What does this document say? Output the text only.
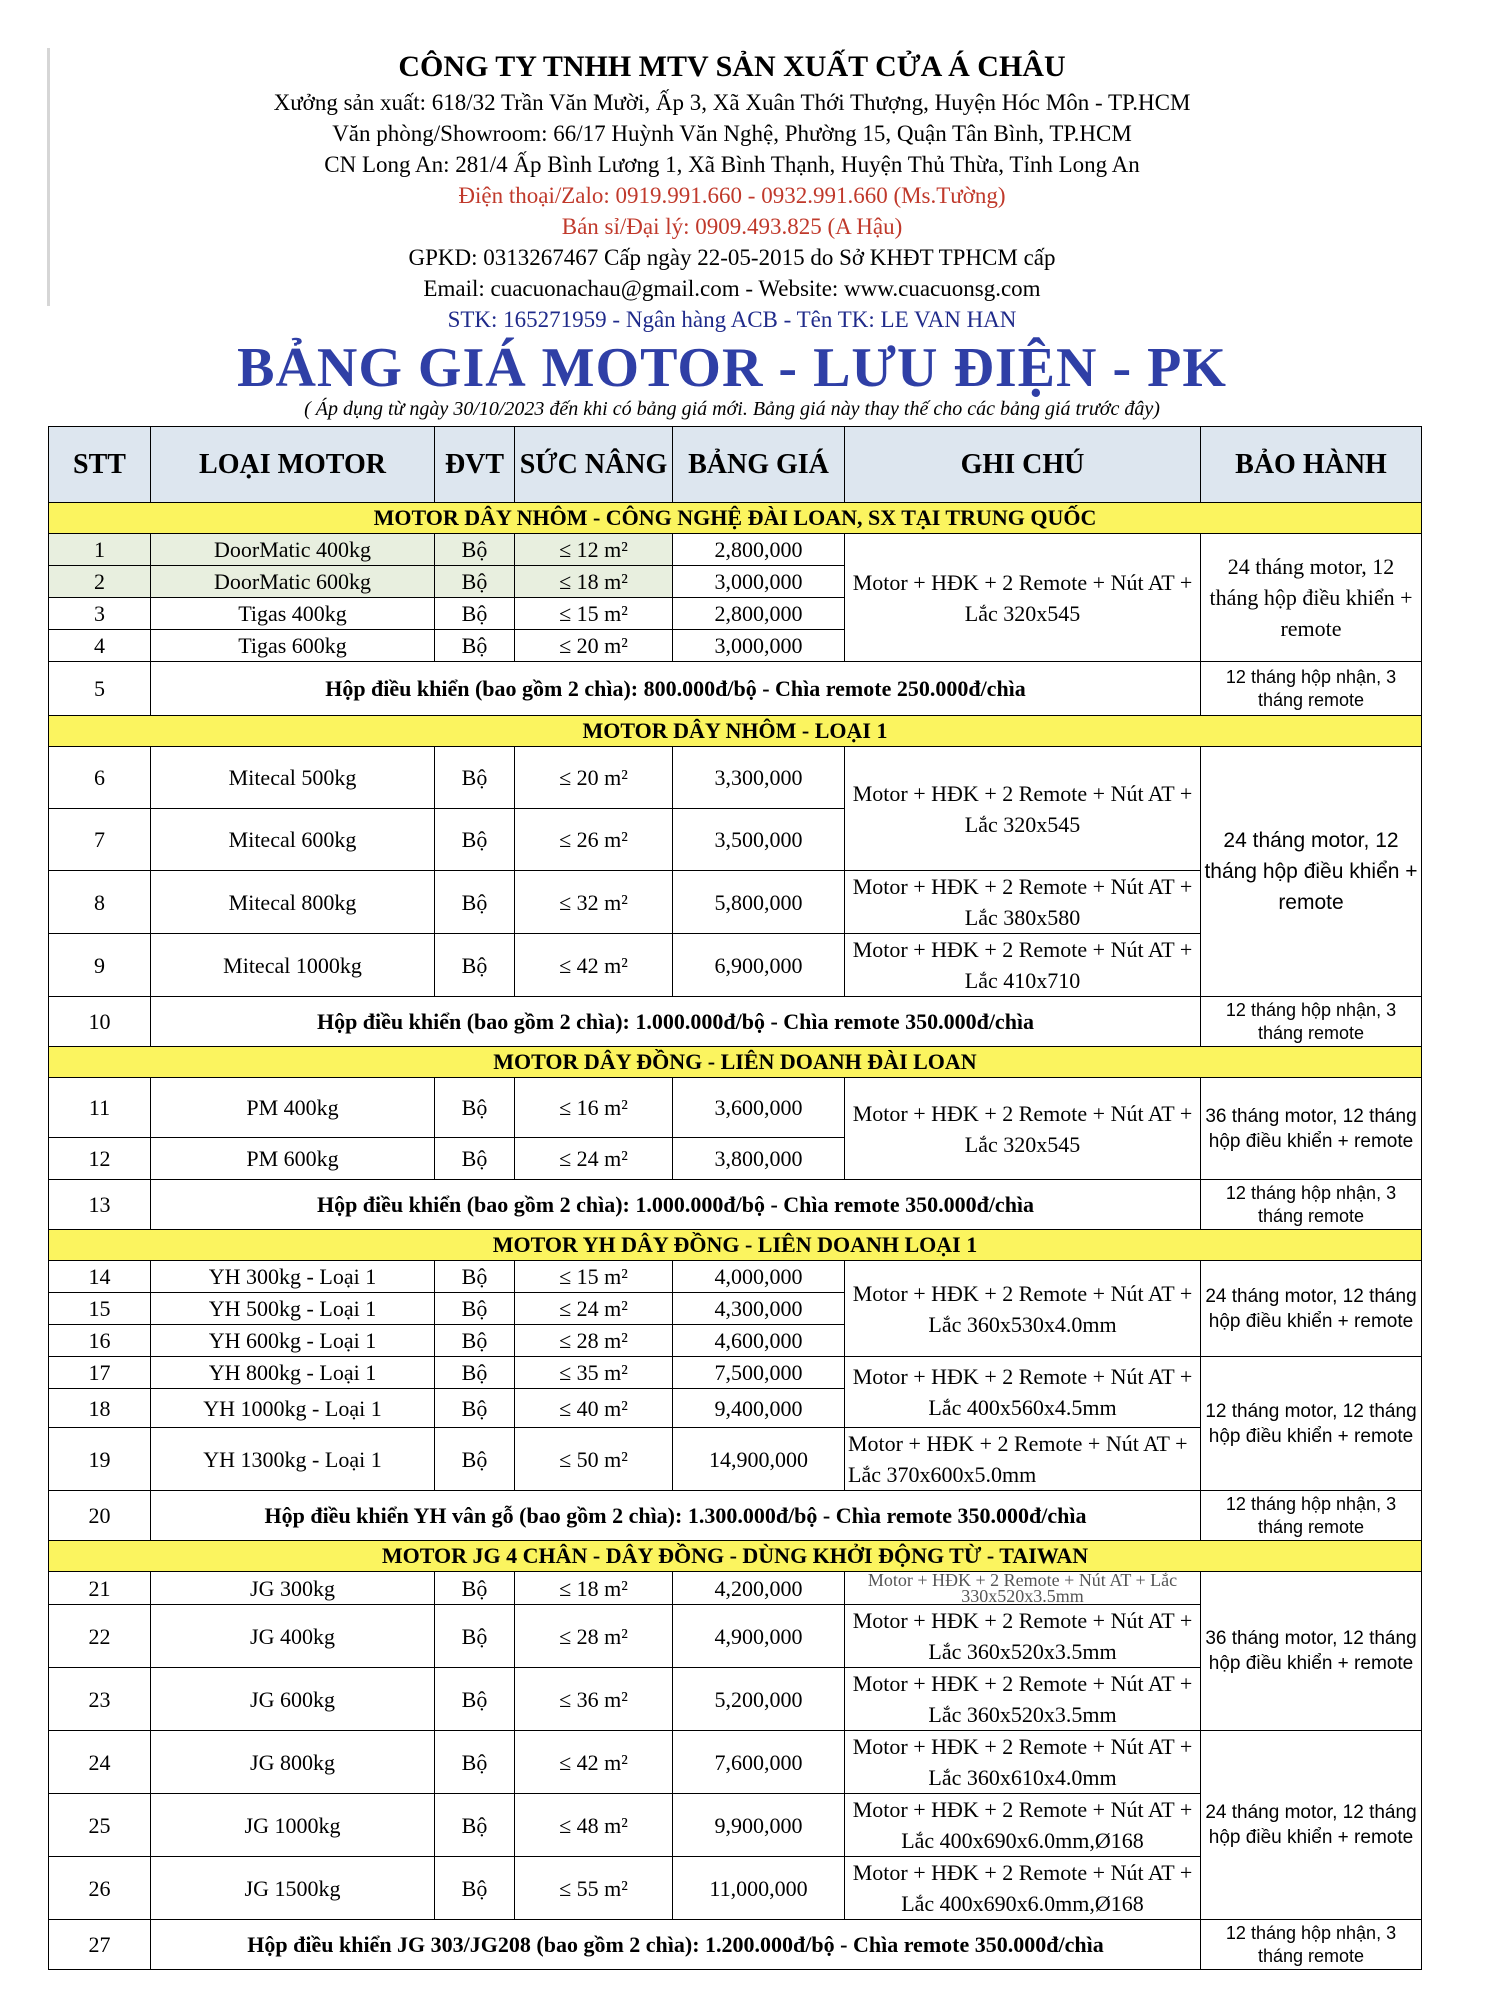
CÔNG TY TNHH MTV SẢN XUẤT CỬA Á CHÂU
Xưởng sản xuất: 618/32 Trần Văn Mười, Ấp 3, Xã Xuân Thới Thượng, Huyện Hóc Môn - TP.HCM
Văn phòng/Showroom: 66/17 Huỳnh Văn Nghệ, Phường 15, Quận Tân Bình, TP.HCM
CN Long An: 281/4 Ấp Bình Lương 1, Xã Bình Thạnh, Huyện Thủ Thừa, Tỉnh Long An
Điện thoại/Zalo: 0919.991.660 - 0932.991.660 (Ms.Tường)
Bán sỉ/Đại lý: 0909.493.825 (A Hậu)
GPKD: 0313267467 Cấp ngày 22-05-2015 do Sở KHĐT TPHCM cấp
Email: cuacuonachau@gmail.com - Website: www.cuacuonsg.com
STK: 165271959 - Ngân hàng ACB - Tên TK: LE VAN HAN
BẢNG GIÁ MOTOR - LƯU ĐIỆN - PK
( Áp dụng từ ngày 30/10/2023 đến khi có bảng giá mới. Bảng giá này thay thế cho các bảng giá trước đây)
STT	LOẠI MOTOR	ĐVT	SỨC NÂNG	BẢNG GIÁ	GHI CHÚ	BẢO HÀNH
MOTOR DÂY NHÔM - CÔNG NGHỆ ĐÀI LOAN, SX TẠI TRUNG QUỐC						
1	DoorMatic 400kg	Bộ	≤ 12 m²	2,800,000	Motor + HĐK + 2 Remote + Nút AT + Lắc 320x545	24 tháng motor, 12 tháng hộp điều khiển + remote
2	DoorMatic 600kg	Bộ	≤ 18 m²	3,000,000		
3	Tigas 400kg	Bộ	≤ 15 m²	2,800,000		
4	Tigas 600kg	Bộ	≤ 20 m²	3,000,000		
5	Hộp điều khiển (bao gồm 2 chìa): 800.000đ/bộ - Chìa remote 250.000đ/chìa					12 tháng hộp nhận, 3 tháng remote
MOTOR DÂY NHÔM - LOẠI 1						
6	Mitecal 500kg	Bộ	≤ 20 m²	3,300,000	Motor + HĐK + 2 Remote + Nút AT + Lắc 320x545	24 tháng motor, 12 tháng hộp điều khiển + remote
7	Mitecal 600kg	Bộ	≤ 26 m²	3,500,000		
8	Mitecal 800kg	Bộ	≤ 32 m²	5,800,000	Motor + HĐK + 2 Remote + Nút AT + Lắc 380x580	
9	Mitecal 1000kg	Bộ	≤ 42 m²	6,900,000	Motor + HĐK + 2 Remote + Nút AT + Lắc 410x710	
10	Hộp điều khiển (bao gồm 2 chìa): 1.000.000đ/bộ - Chìa remote 350.000đ/chìa					12 tháng hộp nhận, 3 tháng remote
MOTOR DÂY ĐỒNG - LIÊN DOANH ĐÀI LOAN						
11	PM 400kg	Bộ	≤ 16 m²	3,600,000	Motor + HĐK + 2 Remote + Nút AT + Lắc 320x545	36 tháng motor, 12 tháng hộp điều khiển + remote
12	PM 600kg	Bộ	≤ 24 m²	3,800,000		
13	Hộp điều khiển (bao gồm 2 chìa): 1.000.000đ/bộ - Chìa remote 350.000đ/chìa					12 tháng hộp nhận, 3 tháng remote
MOTOR YH DÂY ĐỒNG - LIÊN DOANH LOẠI 1						
14	YH 300kg - Loại 1	Bộ	≤ 15 m²	4,000,000	Motor + HĐK + 2 Remote + Nút AT + Lắc 360x530x4.0mm	24 tháng motor, 12 tháng hộp điều khiển + remote
15	YH 500kg - Loại 1	Bộ	≤ 24 m²	4,300,000		
16	YH 600kg - Loại 1	Bộ	≤ 28 m²	4,600,000		
17	YH 800kg - Loại 1	Bộ	≤ 35 m²	7,500,000	Motor + HĐK + 2 Remote + Nút AT + Lắc 400x560x4.5mm	12 tháng motor, 12 tháng hộp điều khiển + remote
18	YH 1000kg - Loại 1	Bộ	≤ 40 m²	9,400,000		
19	YH 1300kg - Loại 1	Bộ	≤ 50 m²	14,900,000	Motor + HĐK + 2 Remote + Nút AT + Lắc 370x600x5.0mm	
20	Hộp điều khiển YH vân gỗ (bao gồm 2 chìa): 1.300.000đ/bộ - Chìa remote 350.000đ/chìa					12 tháng hộp nhận, 3 tháng remote
MOTOR JG 4 CHÂN - DÂY ĐỒNG - DÙNG KHỞI ĐỘNG TỪ - TAIWAN						
21	JG 300kg	Bộ	≤ 18 m²	4,200,000	Motor + HĐK + 2 Remote + Nút AT + Lắc 330x520x3.5mm	36 tháng motor, 12 tháng hộp điều khiển + remote
22	JG 400kg	Bộ	≤ 28 m²	4,900,000	Motor + HĐK + 2 Remote + Nút AT + Lắc 360x520x3.5mm	
23	JG 600kg	Bộ	≤ 36 m²	5,200,000	Motor + HĐK + 2 Remote + Nút AT + Lắc 360x520x3.5mm	
24	JG 800kg	Bộ	≤ 42 m²	7,600,000	Motor + HĐK + 2 Remote + Nút AT + Lắc 360x610x4.0mm	24 tháng motor, 12 tháng hộp điều khiển + remote
25	JG 1000kg	Bộ	≤ 48 m²	9,900,000	Motor + HĐK + 2 Remote + Nút AT + Lắc 400x690x6.0mm,Ø168	
26	JG 1500kg	Bộ	≤ 55 m²	11,000,000	Motor + HĐK + 2 Remote + Nút AT + Lắc 400x690x6.0mm,Ø168	
27	Hộp điều khiển JG 303/JG208 (bao gồm 2 chìa): 1.200.000đ/bộ - Chìa remote 350.000đ/chìa					12 tháng hộp nhận, 3 tháng remote
